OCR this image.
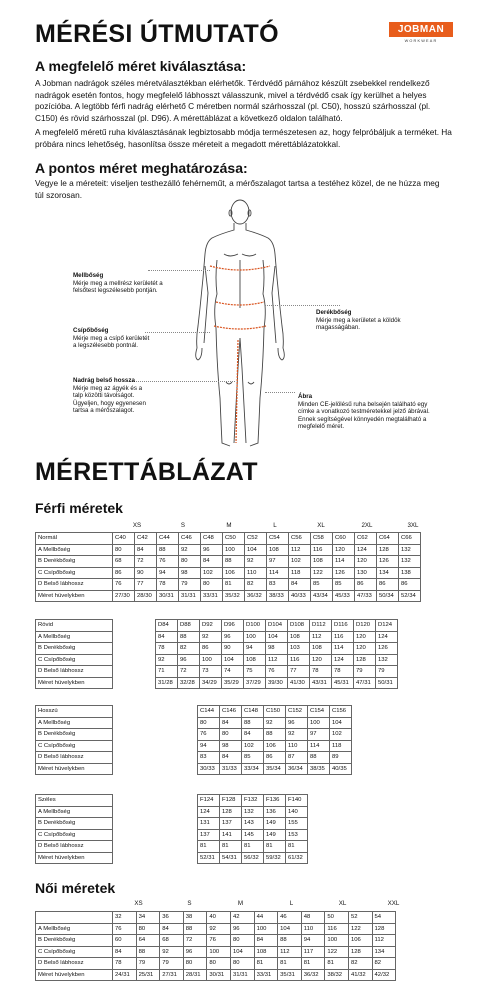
MÉRÉSI ÚTMUTATÓ	JOBMAN
WORKWEAR
A megfelelő méret kiválasztása:
A Jobman nadrágok széles méretválasztékban elérhetők. Térdvédő párnához készült zsebekkel rendelkező nadrágok esetén fontos, hogy megfelelő lábhosszt válasszunk, mivel a térdvédő csak így kerülhet a helyes pozícióba. A legtöbb férfi nadrág elérhető C méretben normál szárhosszal (pl. C50), hosszú szárhosszal (pl. C150) és rövid szárhosszal (pl. D96). A mérettáblázat a következő oldalon található.
A megfelelő méretű ruha kiválasztásának legbiztosabb módja természetesen az, hogy felpróbáljuk a terméket. Ha próbára nincs lehetőség, hasonlítsa össze méreteit a megadott mérettáblázatokkal.
A pontos méret meghatározása:
Vegye le a méreteit: viseljen testhezálló fehérneműt, a mérőszalagot tartsa a testéhez közel, de ne húzza meg túl szorosan.
Mellbőség
Mérje meg a mellrész kerületét a felsőtest legszélesebb pontján.
Csípőbőség
Mérje meg a csípő kerületét a legszélesebb pontnál.
Nadrág belső hossza
Mérje meg az ágyék és a talp közötti távolságot. Ügyeljen, hogy egyenesen tartsa a mérőszalagot.
Derékbőség
Mérje meg a kerületet a köldök magasságában.
Ábra
Minden CE-jelölésű ruha belsején található egy címke a vonatkozó testméretekkel jelző ábrával. Ennek segítségével könnyedén megtalálható a megfelelő méret.
MÉRETTÁBLÁZAT
Férfi méretek
XS	S	M	L	XL	2XL	3XL
Normál	C40	C42	C44	C46	C48	C50	C52	C54	C56	C58	C60	C62	C64	C66
A Mellbőség	80	84	88	92	96	100	104	108	112	116	120	124	128	132
B Derékbőség	68	72	76	80	84	88	92	97	102	108	114	120	126	132
C Csípőbőség	86	90	94	98	102	106	110	114	118	122	126	130	134	138
D Belső lábhossz	76	77	78	79	80	81	82	83	84	85	85	86	86	86
Méret hüvelykben	27/30	28/30	30/31	31/31	33/31	35/32	36/32	38/33	40/33	43/34	45/33	47/33	50/34	52/34
Rövid			D84	D88	D92	D96	D100	D104	D108	D112	D116	D120	D124	
A Mellbőség			84	88	92	96	100	104	108	112	116	120	124	
B Derékbőség			78	82	86	90	94	98	103	108	114	120	126	
C Csípőbőség			92	96	100	104	108	112	116	120	124	128	132	
D Belső lábhossz			71	72	73	74	75	76	77	78	78	79	79	
Méret hüvelykben			31/28	32/28	34/29	35/29	37/29	39/30	41/30	43/31	45/31	47/31	50/31	
Hosszú					C144	C146	C148	C150	C152	C154	C156			
A Mellbőség					80	84	88	92	96	100	104			
B Derékbőség					76	80	84	88	92	97	102			
C Csípőbőség					94	98	102	106	110	114	118			
D Belső lábhossz					83	84	85	86	87	88	89			
Méret hüvelykben					30/33	31/33	33/34	35/34	36/34	38/35	40/35			
Széles					F124	F128	F132	F136	F140					
A Mellbőség					124	128	132	136	140					
B Derékbőség					131	137	143	149	155					
C Csípőbőség					137	141	145	149	153					
D Belső lábhossz					81	81	81	81	81					
Méret hüvelykben					52/31	54/31	56/32	59/32	61/32					
Női méretek
XS	S	M	L	XL	XXL
	32	34	36	38	40	42	44	46	48	50	52	54
A Mellbőség	76	80	84	88	92	96	100	104	110	116	122	128
B Derékbőség	60	64	68	72	76	80	84	88	94	100	106	112
C Csípőbőség	84	88	92	96	100	104	108	112	117	122	128	134
D Belső lábhossz	78	79	79	80	80	80	81	81	81	81	82	82
Méret hüvelykben	24/31	25/31	27/31	28/31	30/31	31/31	33/31	35/31	36/32	38/32	41/32	42/32
